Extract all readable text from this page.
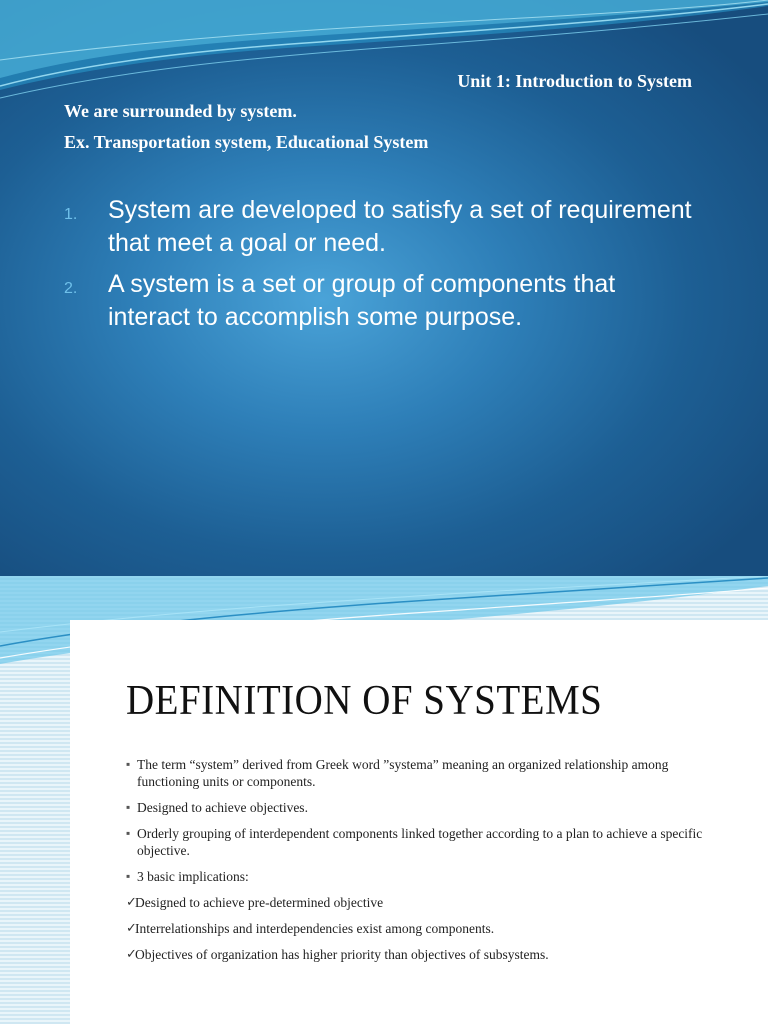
Unit 1: Introduction to System
We are surrounded by system.
Ex. Transportation system, Educational System
1. System are developed to satisfy a set of requirement that meet a goal or need.
2. A system is a set or group of components that interact to accomplish some purpose.
DEFINITION OF SYSTEMS
▪ The term “system” derived from Greek word ”systema” meaning an organized relationship among functioning units or components.
▪ Designed to achieve objectives.
▪ Orderly grouping of interdependent components linked together according to a plan to achieve a specific objective.
▪ 3 basic implications:
✓
Designed to achieve pre-determined objective
✓
Interrelationships and interdependencies exist among components.
✓
Objectives of organization has higher priority than objectives of subsystems.
